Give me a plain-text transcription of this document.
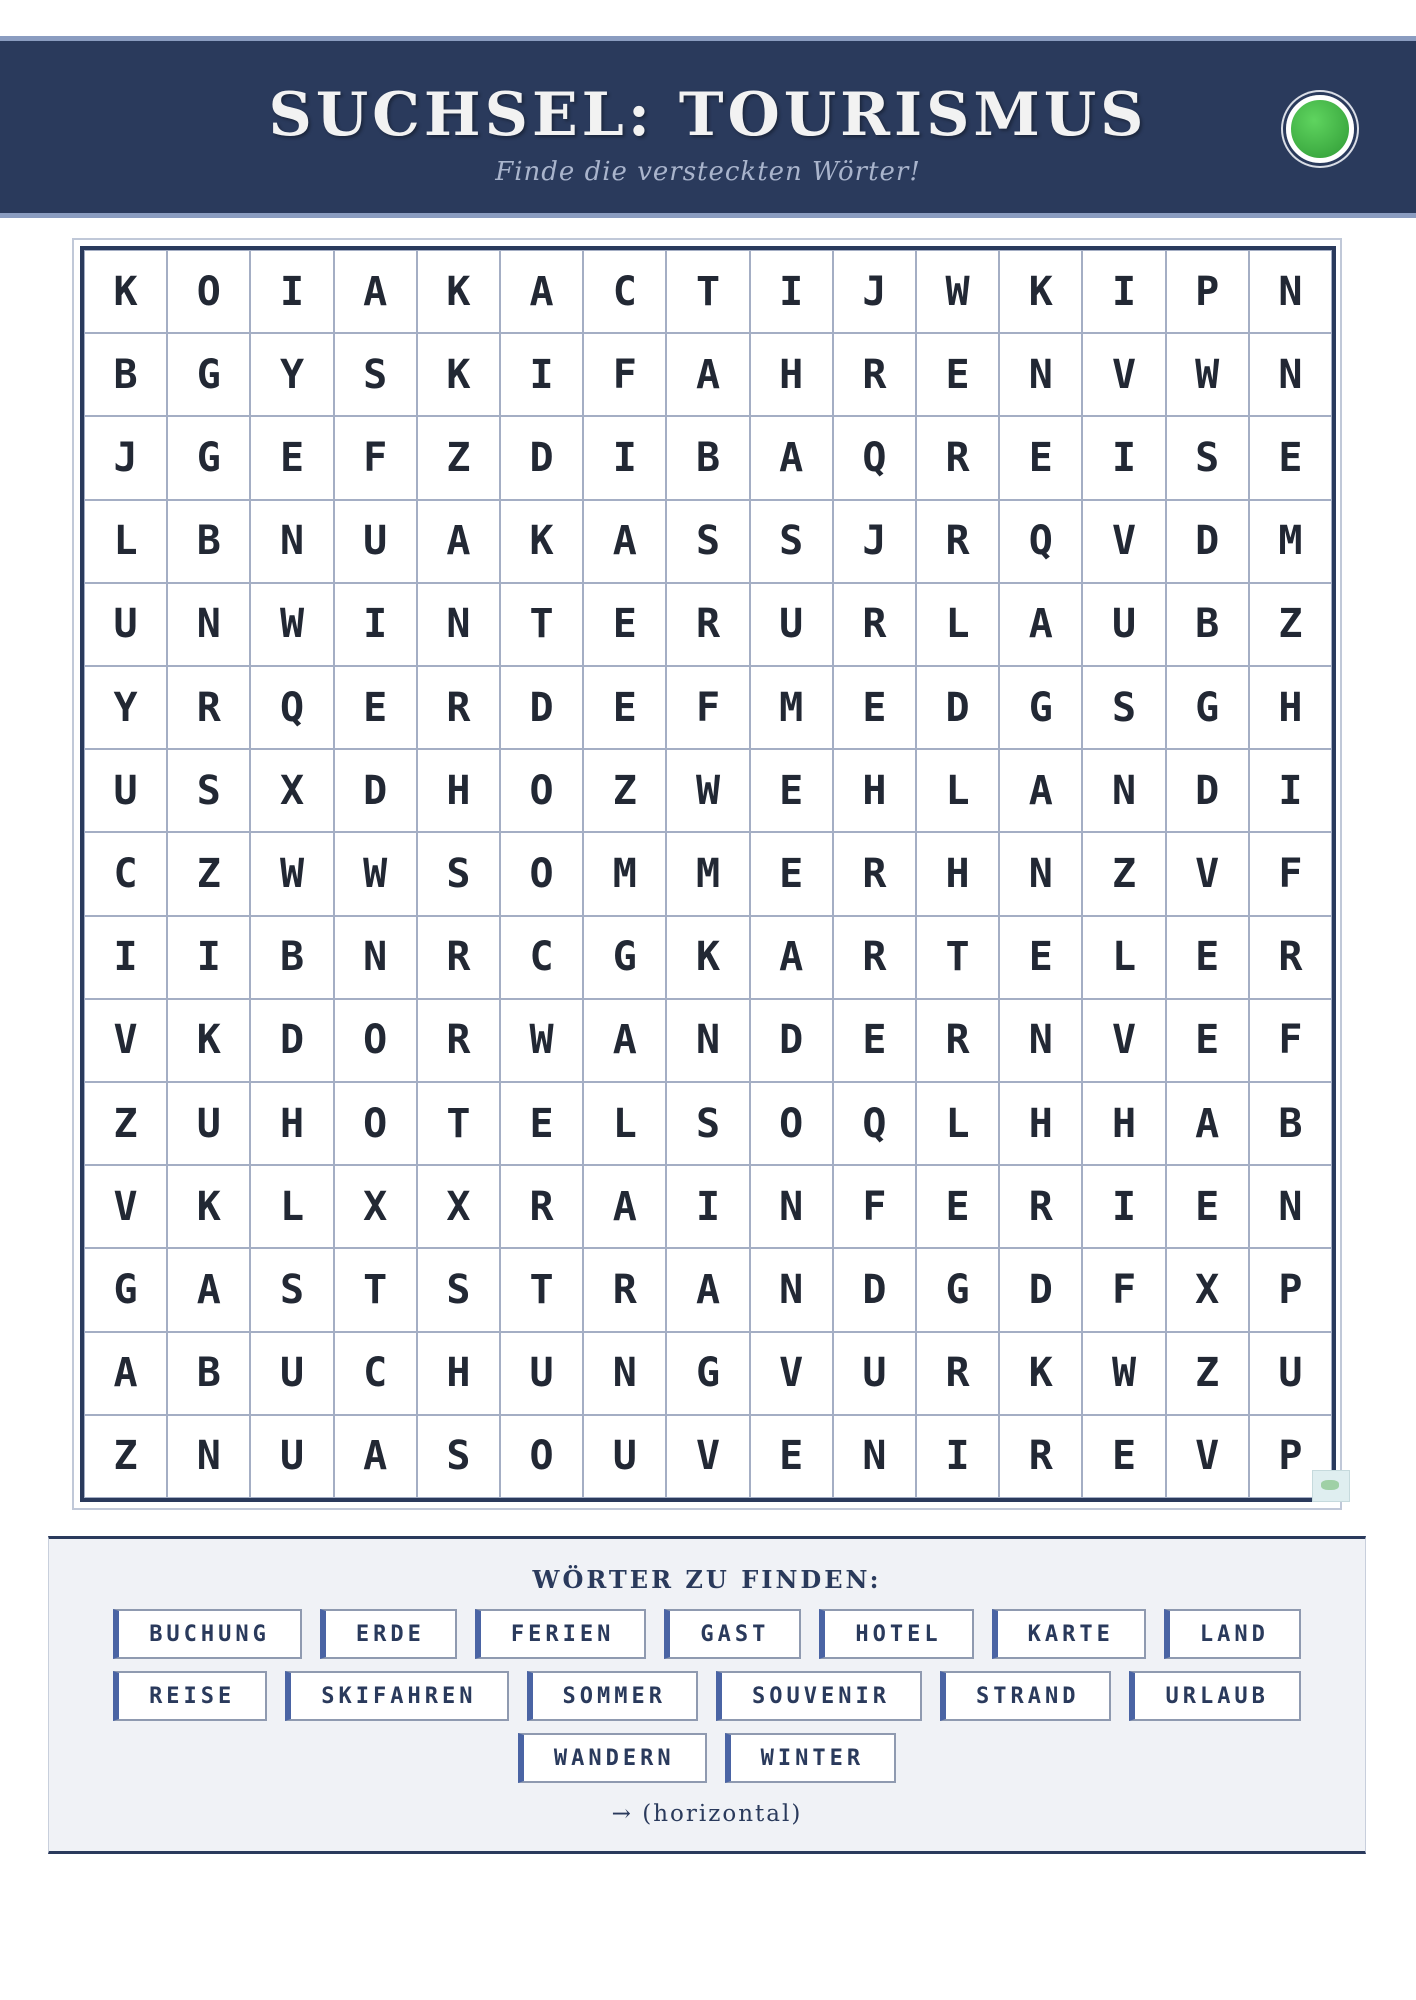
SUCHSEL: TOURISMUS
Finde die versteckten Wörter!
K	O	I	A	K	A	C	T	I	J	W	K	I	P	N
B	G	Y	S	K	I	F	A	H	R	E	N	V	W	N
J	G	E	F	Z	D	I	B	A	Q	R	E	I	S	E
L	B	N	U	A	K	A	S	S	J	R	Q	V	D	M
U	N	W	I	N	T	E	R	U	R	L	A	U	B	Z
Y	R	Q	E	R	D	E	F	M	E	D	G	S	G	H
U	S	X	D	H	O	Z	W	E	H	L	A	N	D	I
C	Z	W	W	S	O	M	M	E	R	H	N	Z	V	F
I	I	B	N	R	C	G	K	A	R	T	E	L	E	R
V	K	D	O	R	W	A	N	D	E	R	N	V	E	F
Z	U	H	O	T	E	L	S	O	Q	L	H	H	A	B
V	K	L	X	X	R	A	I	N	F	E	R	I	E	N
G	A	S	T	S	T	R	A	N	D	G	D	F	X	P
A	B	U	C	H	U	N	G	V	U	R	K	W	Z	U
Z	N	U	A	S	O	U	V	E	N	I	R	E	V	P
WÖRTER ZU FINDEN:
BUCHUNG	ERDE	FERIEN	GAST	HOTEL	KARTE	LAND
REISE	SKIFAHREN	SOMMER	SOUVENIR	STRAND	URLAUB
WANDERN	WINTER
→ (horizontal)
